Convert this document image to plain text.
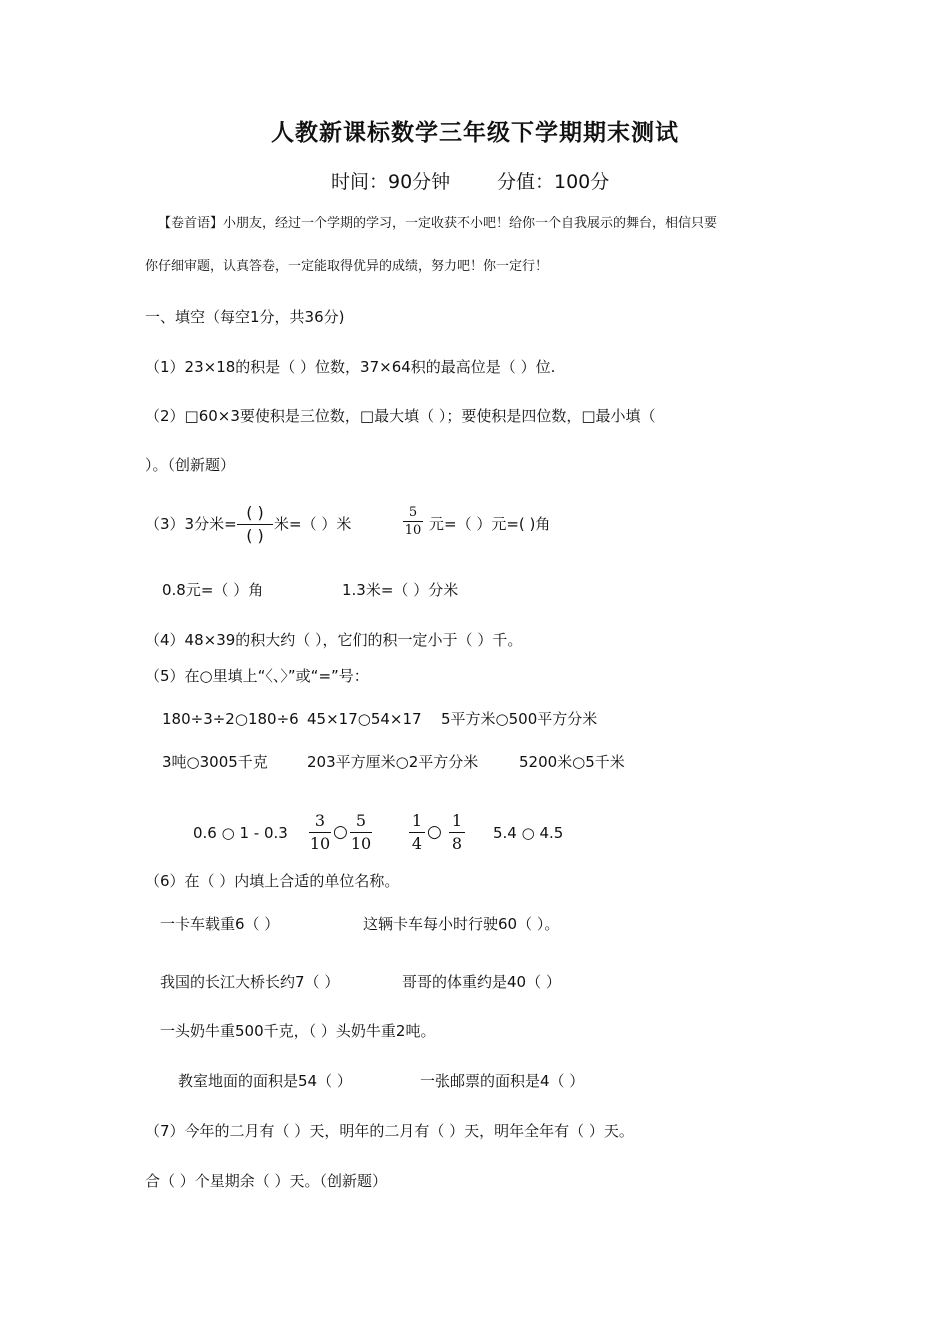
人教新课标数学三年级下学期期末测试
时间：90分钟 分值：100分
【卷首语】小朋友，经过一个学期的学习，一定收获不小吧！给你一个自我展示的舞台，相信只要
你仔细审题，认真答卷，一定能取得优异的成绩，努力吧！你一定行！
一、填空（每空1分，共36分)
（1）23×18的积是（ ）位数，37×64积的最高位是（ ）位.
（2）□60×3要使积是三位数，□最大填（ ）；要使积是四位数，□最小填（
）。（创新题）
（3）3分米=
( )
( )
米=（ ）米
5
10 元=（ ）元=( )角
0.8元=（ ）角	1.3米=（ ）分米
（4）48×39的积大约（ ），它们的积一定小于（ ）千。
（5）在○里填上“〈、〉”或“=”号：
180÷3÷2○180÷6 45×17○54×17 5平方米○500平方分米
3吨○3005千克	203平方厘米○2平方分米	5200米○5千米
0.6 ○ 1 - 0.3
3
10
○
5
10
1
4
○
1
8
5.4 ○ 4.5
（6）在（ ）内填上合适的单位名称。
一卡车载重6（ ）	这辆卡车每小时行驶60（ ）。
我国的长江大桥长约7（ ）	哥哥的体重约是40（ ）
一头奶牛重500千克，（ ）头奶牛重2吨。
教室地面的面积是54（ ）	一张邮票的面积是4（ ）
（7）今年的二月有（ ）天，明年的二月有（ ）天，明年全年有（ ）天。
合（ ）个星期余（ ）天。（创新题）
